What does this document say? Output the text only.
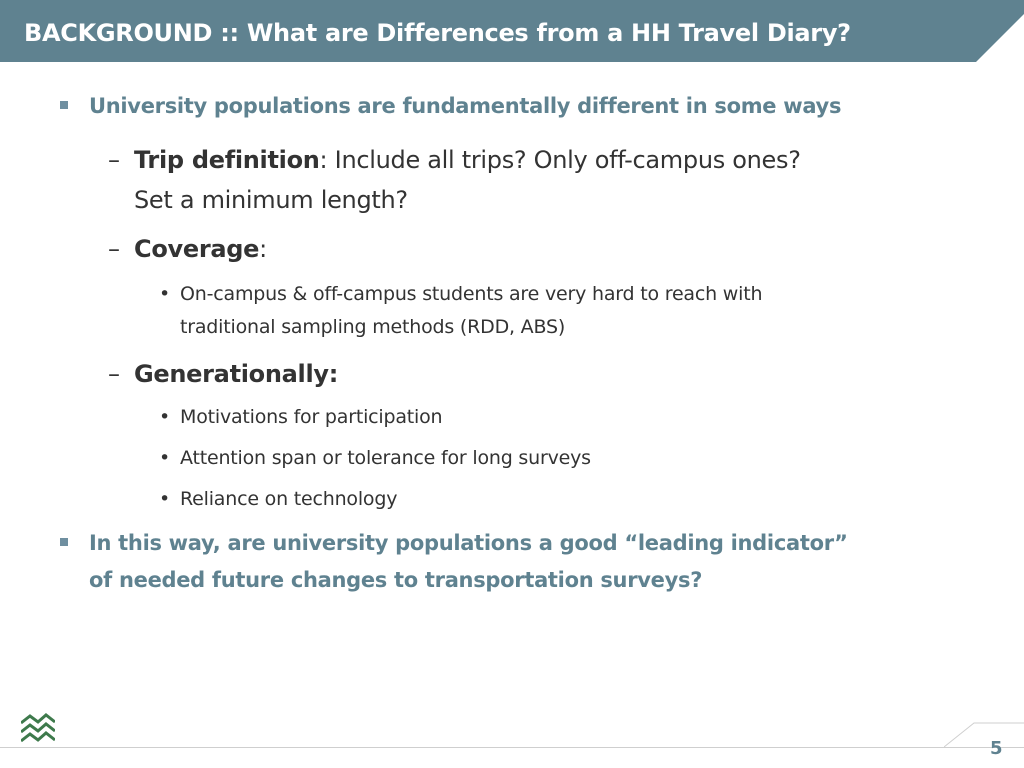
BACKGROUND :: What are Differences from a HH Travel Diary?
University populations are fundamentally different in some ways
– Trip definition: Include all trips? Only off-campus ones?
Set a minimum length?
– Coverage:
• On-campus & off-campus students are very hard to reach with
traditional sampling methods (RDD, ABS)
– Generationally:
• Motivations for participation
• Attention span or tolerance for long surveys
• Reliance on technology
In this way, are university populations a good “leading indicator”
of needed future changes to transportation surveys?
5
